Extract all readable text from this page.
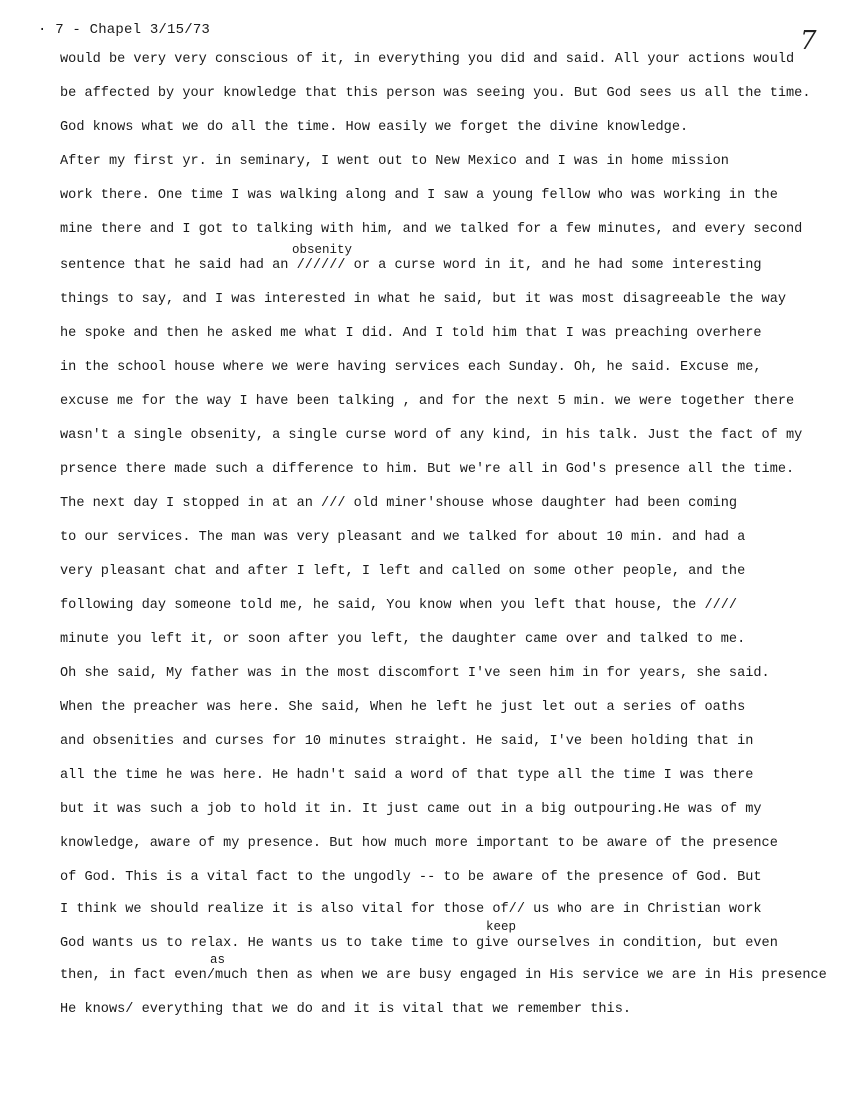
· 7 - Chapel 3/15/73	7
would be very very conscious of it, in everything you did and said. All your actions would
be affected by your knowledge that this person was seeing you. But God sees us all the time.
God knows what we do all the time. How easily we forget the divine knowledge.
After my first yr. in seminary, I went out to New Mexico and I was in home mission
work there. One time I was walking along and I saw a young fellow who was working in the
mine there and I got to talking with him, and we talked for a few minutes, and every second
obsenity
sentence that he said had an ////// or a curse word in it, and he had some interesting
things to say, and I was interested in what he said, but it was most disagreeable the way
he spoke and then he asked me what I did. And I told him that I was preaching overhere
in the school house where we were having services each Sunday. Oh, he said. Excuse me,
excuse me for the way I have been talking , and for the next 5 min. we were together there
wasn't a single obsenity, a single curse word of any kind, in his talk. Just the fact of my
prsence there made such a difference to him. But we're all in God's presence all the time.
The next day I stopped in at an /// old miner'shouse whose daughter had been coming
to our services. The man was very pleasant and we talked for about 10 min. and had a
very pleasant chat and after I left, I left and called on some other people, and the
following day someone told me, he said, You know when you left that house, the ////
minute you left it, or soon after you left, the daughter came over and talked to me.
Oh she said, My father was in the most discomfort I've seen him in for years, she said.
When the preacher was here. She said, When he left he just let out a series of oaths
and obsenities and curses for 10 minutes straight. He said, I've been holding that in
all the time he was here. He hadn't said a word of that type all the time I was there
but it was such a job to hold it in. It just came out in a big outpouring.He was of my
knowledge, aware of my presence. But how much more important to be aware of the presence
of God. This is a vital fact to the ungodly -- to be aware of the presence of God. But
I think we should realize it is also vital for those of// us who are in Christian work
keep
God wants us to relax. He wants us to take time to give ourselves in condition, but even
as
then, in fact even/much then as when we are busy engaged in His service we are in His presence
He knows/ everything that we do and it is vital that we remember this.
